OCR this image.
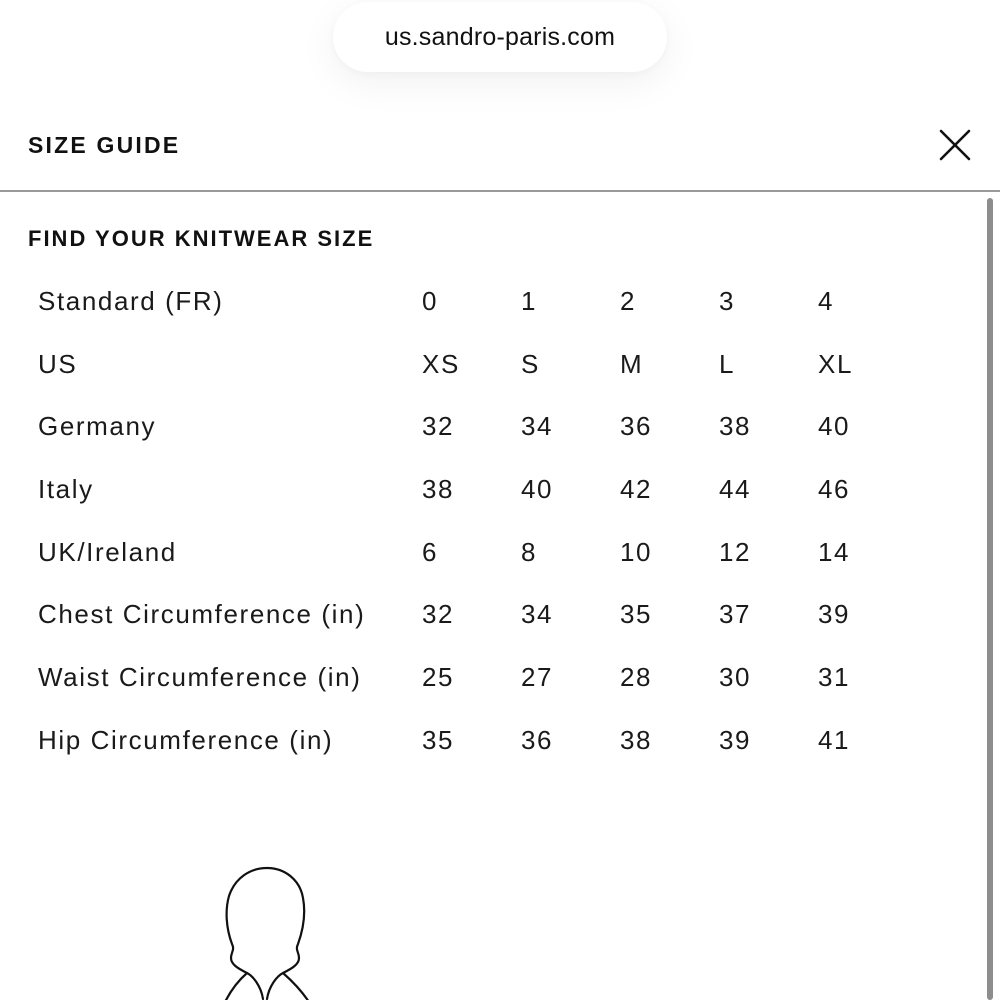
us.sandro-paris.com
SIZE GUIDE
FIND YOUR KNITWEAR SIZE
Standard (FR)	0	1	2	3	4
US	XS	S	M	L	XL
Germany	32	34	36	38	40
Italy	38	40	42	44	46
UK/Ireland	6	8	10	12	14
Chest Circumference (in)	32	34	35	37	39
Waist Circumference (in)	25	27	28	30	31
Hip Circumference (in)	35	36	38	39	41
